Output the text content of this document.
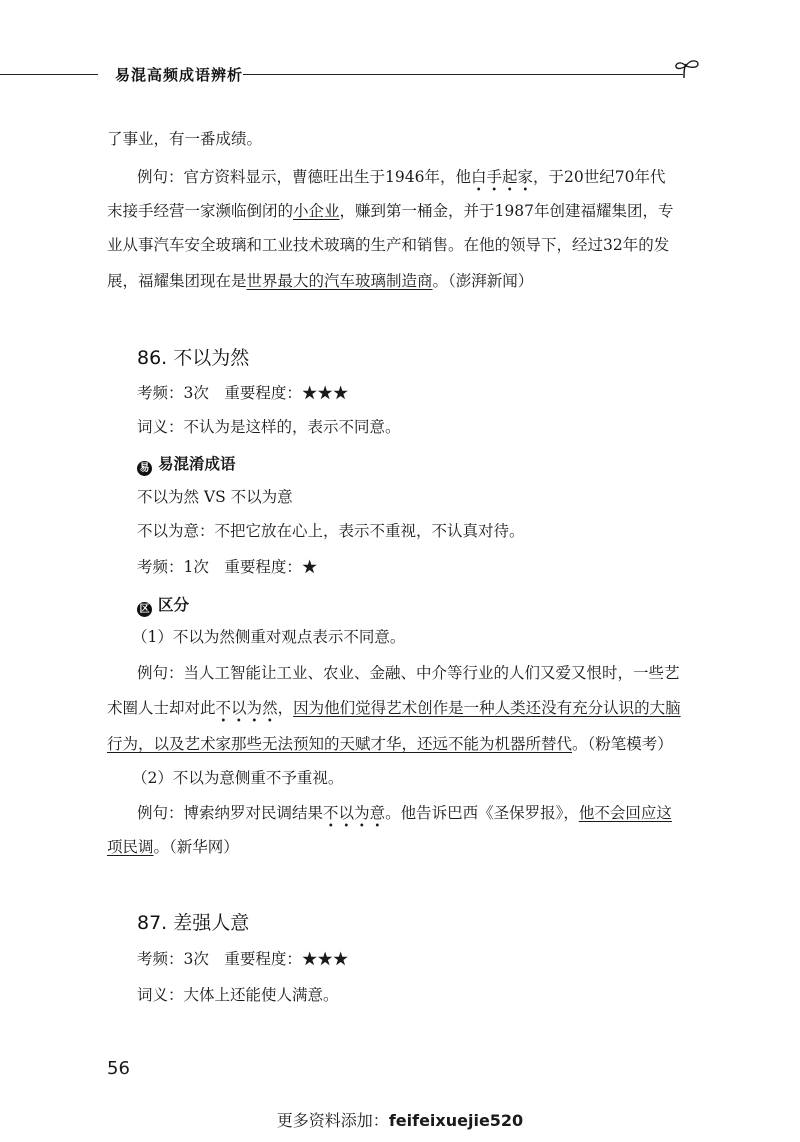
易混高频成语辨析
了事业，有一番成绩。
例句：官方资料显示，曹德旺出生于1946年，他白手起家，于20世纪70年代
末接手经营一家濒临倒闭的小企业，赚到第一桶金，并于1987年创建福耀集团，专
业从事汽车安全玻璃和工业技术玻璃的生产和销售。在他的领导下，经过32年的发
展，福耀集团现在是世界最大的汽车玻璃制造商。（澎湃新闻）
86. 不以为然
考频：3次　重要程度：★★★
词义：不认为是这样的，表示不同意。
易 易混淆成语
不以为然 VS 不以为意
不以为意：不把它放在心上，表示不重视，不认真对待。
考频：1次　重要程度：★
区 区分
（1）不以为然侧重对观点表示不同意。
例句：当人工智能让工业、农业、金融、中介等行业的人们又爱又恨时，一些艺
术圈人士却对此不以为然，因为他们觉得艺术创作是一种人类还没有充分认识的大脑
行为，以及艺术家那些无法预知的天赋才华，还远不能为机器所替代。（粉笔模考）
（2）不以为意侧重不予重视。
例句：博索纳罗对民调结果不以为意。他告诉巴西《圣保罗报》，他不会回应这
项民调。（新华网）
87. 差强人意
考频：3次　重要程度：★★★
词义：大体上还能使人满意。
56
更多资料添加：feifeixuejie520
